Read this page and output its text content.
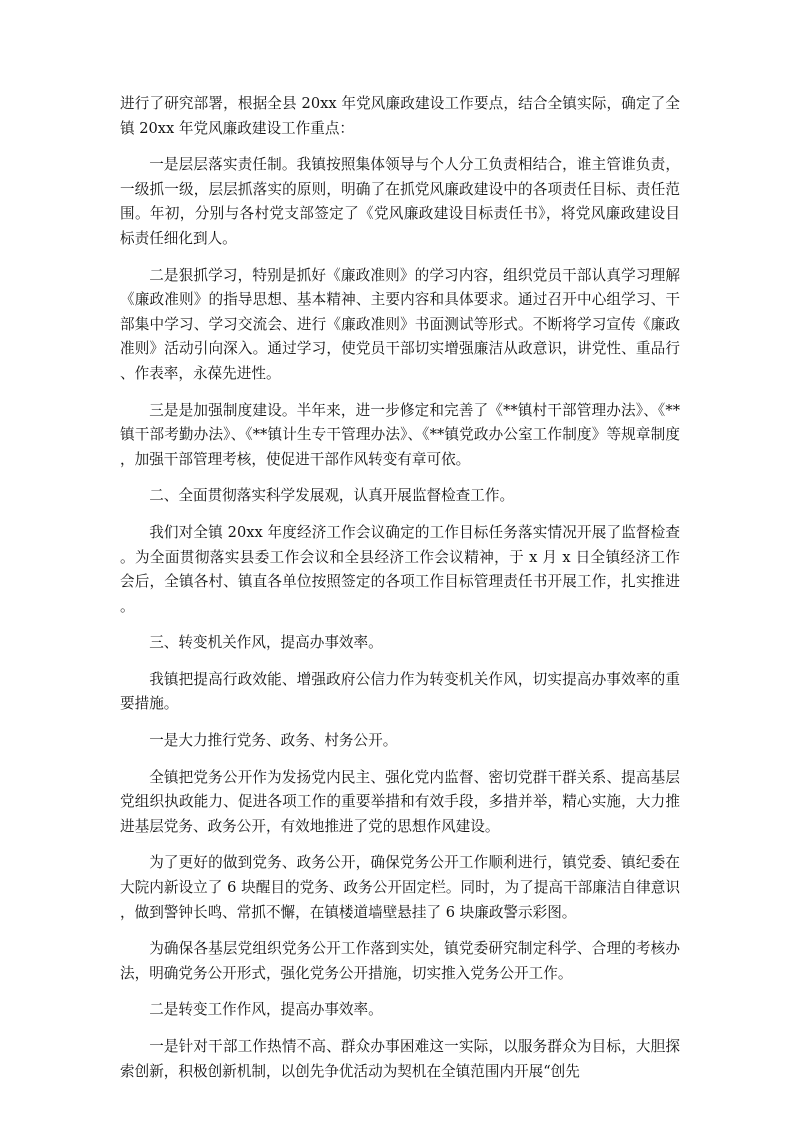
进行了研究部署，根据全县 20xx 年党风廉政建设工作要点，结合全镇实际，确定了全镇 20xx 年党风廉政建设工作重点：

一是层层落实责任制。我镇按照集体领导与个人分工负责相结合，谁主管谁负责，一级抓一级，层层抓落实的原则，明确了在抓党风廉政建设中的各项责任目标、责任范围。年初，分别与各村党支部签定了《党风廉政建设目标责任书》，将党风廉政建设目标责任细化到人。

二是狠抓学习，特别是抓好《廉政准则》的学习内容，组织党员干部认真学习理解《廉政准则》的指导思想、基本精神、主要内容和具体要求。通过召开中心组学习、干部集中学习、学习交流会、进行《廉政准则》书面测试等形式。不断将学习宣传《廉政准则》活动引向深入。通过学习，使党员干部切实增强廉洁从政意识，讲党性、重品行、作表率，永葆先进性。

三是是加强制度建设。半年来，进一步修定和完善了《**镇村干部管理办法》、《**镇干部考勤办法》、《**镇计生专干管理办法》、《**镇党政办公室工作制度》等规章制度，加强干部管理考核，使促进干部作风转变有章可依。

二、全面贯彻落实科学发展观，认真开展监督检查工作。

我们对全镇 20xx 年度经济工作会议确定的工作目标任务落实情况开展了监督检查。为全面贯彻落实县委工作会议和全县经济工作会议精神，于 x 月 x 日全镇经济工作会后，全镇各村、镇直各单位按照签定的各项工作目标管理责任书开展工作，扎实推进。

三、转变机关作风，提高办事效率。

我镇把提高行政效能、增强政府公信力作为转变机关作风，切实提高办事效率的重要措施。

一是大力推行党务、政务、村务公开。

全镇把党务公开作为发扬党内民主、强化党内监督、密切党群干群关系、提高基层党组织执政能力、促进各项工作的重要举措和有效手段，多措并举，精心实施，大力推进基层党务、政务公开，有效地推进了党的思想作风建设。

为了更好的做到党务、政务公开，确保党务公开工作顺利进行，镇党委、镇纪委在大院内新设立了 6 块醒目的党务、政务公开固定栏。同时，为了提高干部廉洁自律意识，做到警钟长鸣、常抓不懈，在镇楼道墙壁悬挂了 6 块廉政警示彩图。

为确保各基层党组织党务公开工作落到实处，镇党委研究制定科学、合理的考核办法，明确党务公开形式，强化党务公开措施，切实推入党务公开工作。

二是转变工作作风，提高办事效率。

一是针对干部工作热情不高、群众办事困难这一实际，以服务群众为目标，大胆探索创新，积极创新机制，以创先争优活动为契机在全镇范围内开展“创先
